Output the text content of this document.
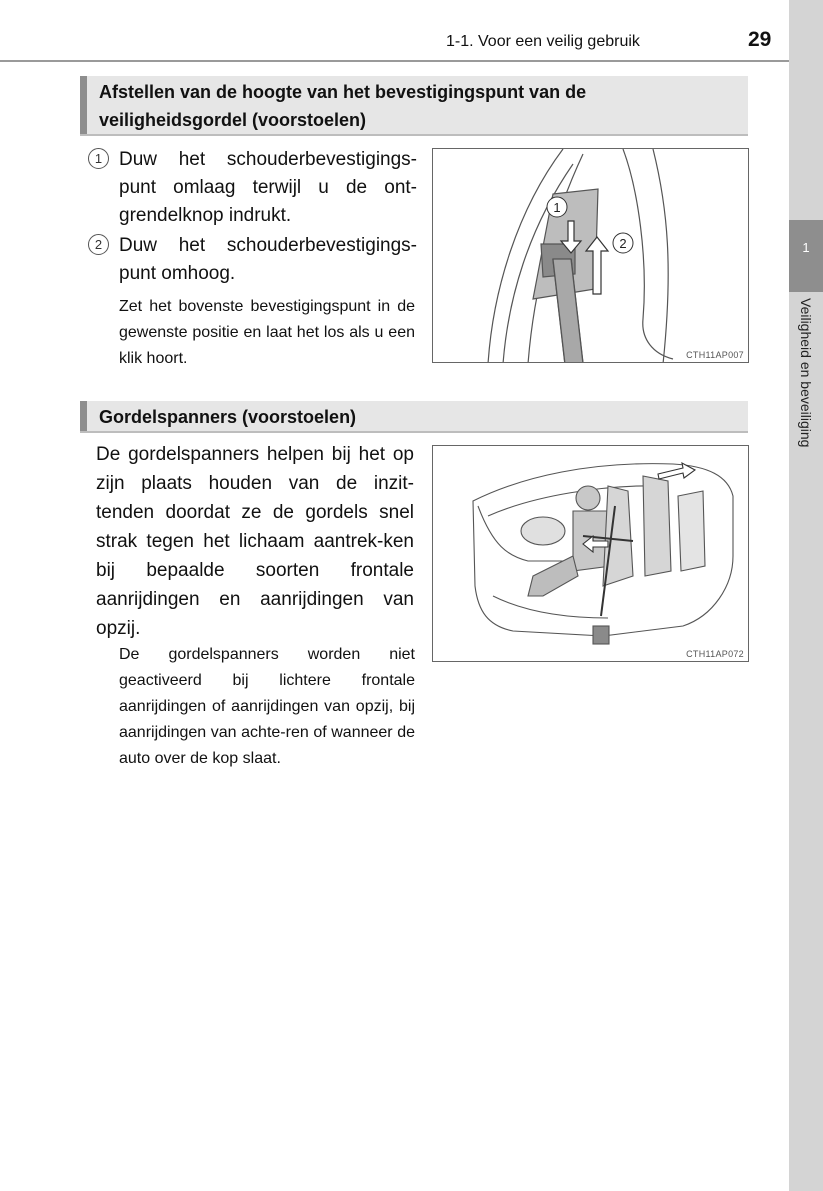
1-1. Voor een veilig gebruik	29
1
Veiligheid en beveiliging
Afstellen van de hoogte van het bevestigingspunt van de veiligheidsgordel (voorstoelen)
1 Duw het schouderbevestigings-punt omlaag terwijl u de ont-grendelknop indrukt.
2 Duw het schouderbevestigings-punt omhoog.
Zet het bovenste bevestigingspunt in de gewenste positie en laat het los als u een klik hoort.
1
2
CTH11AP007
Gordelspanners (voorstoelen)
De gordelspanners helpen bij het op zijn plaats houden van de inzit-tenden doordat ze de gordels snel strak tegen het lichaam aantrek-ken bij bepaalde soorten frontale aanrijdingen en aanrijdingen van opzij.
De gordelspanners worden niet geactiveerd bij lichtere frontale aanrijdingen of aanrijdingen van opzij, bij aanrijdingen van achte-ren of wanneer de auto over de kop slaat.
CTH11AP072
